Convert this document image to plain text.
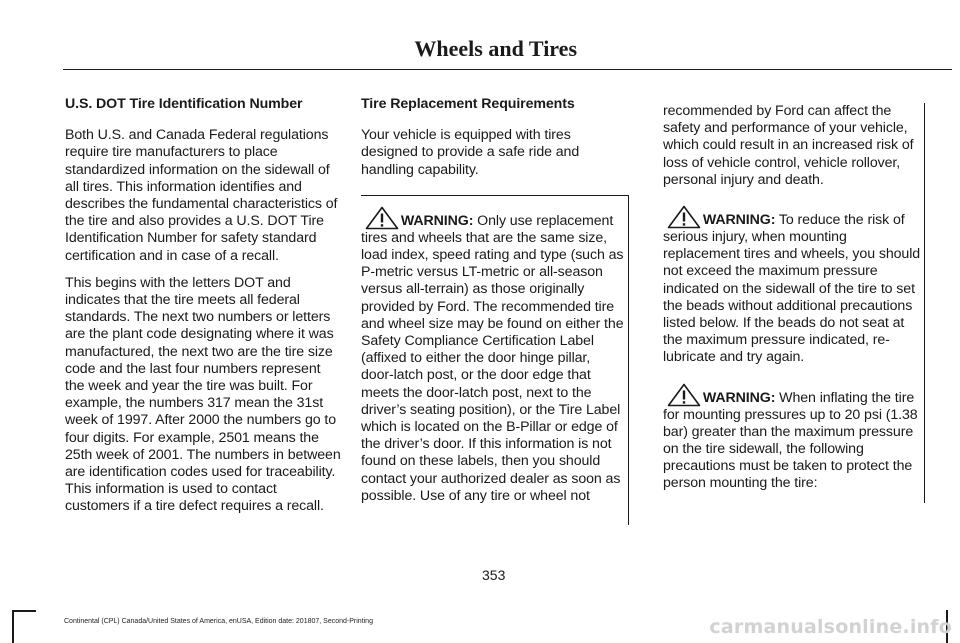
Wheels and Tires

U.S. DOT Tire Identification Number

Both U.S. and Canada Federal regulations require tire manufacturers to place standardized information on the sidewall of all tires. This information identifies and describes the fundamental characteristics of the tire and also provides a U.S. DOT Tire Identification Number for safety standard certification and in case of a recall.

This begins with the letters DOT and indicates that the tire meets all federal standards. The next two numbers or letters are the plant code designating where it was manufactured, the next two are the tire size code and the last four numbers represent the week and year the tire was built. For example, the numbers 317 mean the 31st week of 1997. After 2000 the numbers go to four digits. For example, 2501 means the 25th week of 2001. The numbers in between are identification codes used for traceability. This information is used to contact customers if a tire defect requires a recall.

Tire Replacement Requirements

Your vehicle is equipped with tires designed to provide a safe ride and handling capability.

WARNING: Only use replacement tires and wheels that are the same size, load index, speed rating and type (such as P-metric versus LT-metric or all-season versus all-terrain) as those originally provided by Ford. The recommended tire and wheel size may be found on either the Safety Compliance Certification Label (affixed to either the door hinge pillar, door-latch post, or the door edge that meets the door-latch post, next to the driver’s seating position), or the Tire Label which is located on the B-Pillar or edge of the driver’s door. If this information is not found on these labels, then you should contact your authorized dealer as soon as possible. Use of any tire or wheel not

recommended by Ford can affect the safety and performance of your vehicle, which could result in an increased risk of loss of vehicle control, vehicle rollover, personal injury and death.

WARNING: To reduce the risk of serious injury, when mounting replacement tires and wheels, you should not exceed the maximum pressure indicated on the sidewall of the tire to set the beads without additional precautions listed below. If the beads do not seat at the maximum pressure indicated, re-lubricate and try again.

WARNING: When inflating the tire for mounting pressures up to 20 psi (1.38 bar) greater than the maximum pressure on the tire sidewall, the following precautions must be taken to protect the person mounting the tire:

353
Continental (CPL) Canada/United States of America, enUSA, Edition date: 201807, Second-Printing	carmanualsonline.info
